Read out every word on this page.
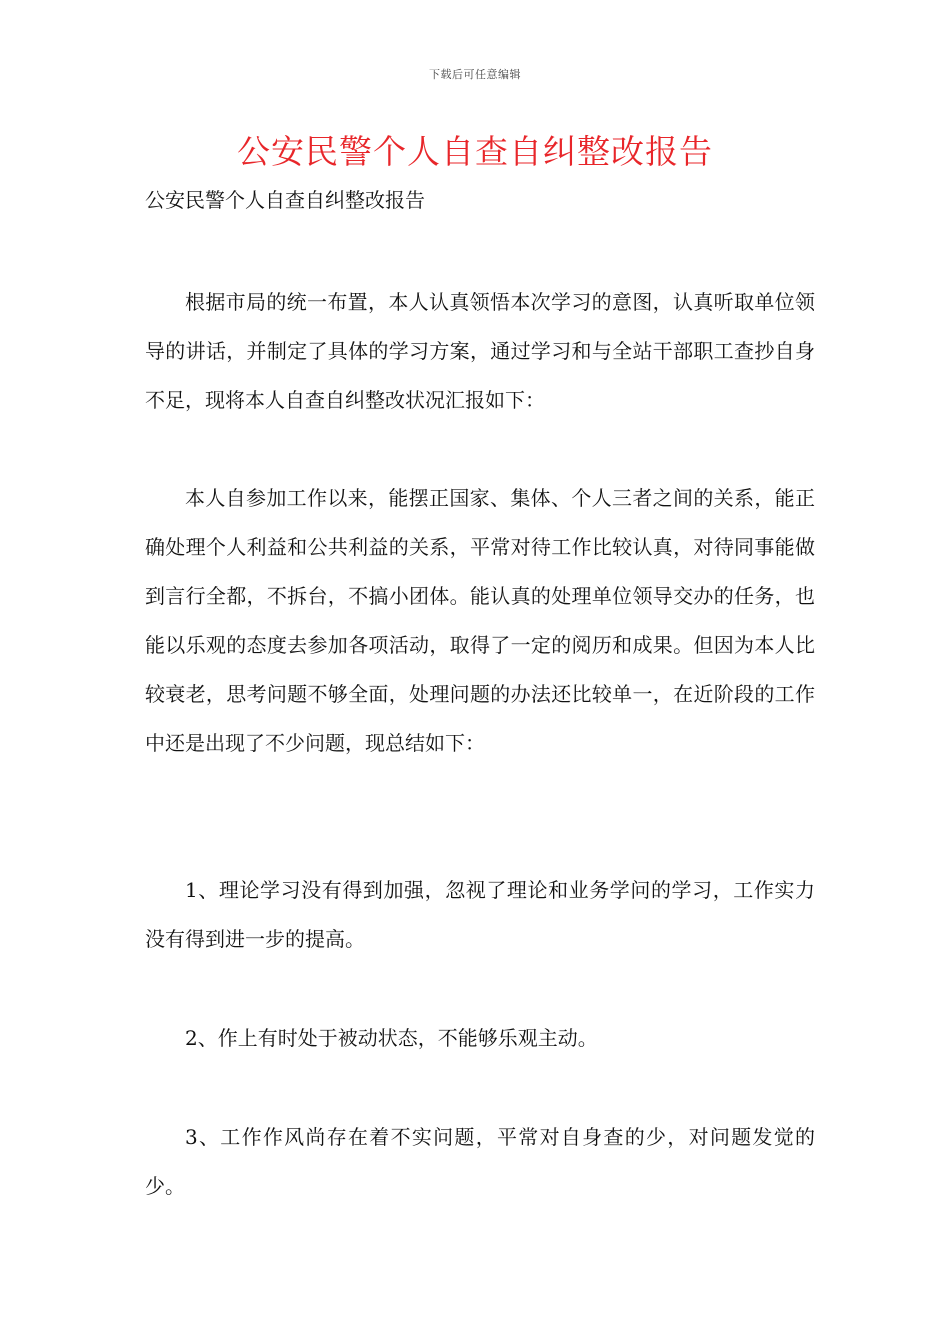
下载后可任意编辑
公安民警个人自查自纠整改报告
公安民警个人自查自纠整改报告

根据市局的统一布置，本人认真领悟本次学习的意图，认真听取单位领导的讲话，并制定了具体的学习方案，通过学习和与全站干部职工查抄自身不足，现将本人自查自纠整改状况汇报如下：

本人自参加工作以来，能摆正国家、集体、个人三者之间的关系，能正确处理个人利益和公共利益的关系，平常对待工作比较认真，对待同事能做到言行全都，不拆台，不搞小团体。能认真的处理单位领导交办的任务，也能以乐观的态度去参加各项活动，取得了一定的阅历和成果。但因为本人比较衰老，思考问题不够全面，处理问题的办法还比较单一，在近阶段的工作中还是出现了不少问题，现总结如下：

1、理论学习没有得到加强，忽视了理论和业务学问的学习，工作实力没有得到进一步的提高。

2、作上有时处于被动状态，不能够乐观主动。

3、工作作风尚存在着不实问题，平常对自身查的少，对问题发觉的少。
